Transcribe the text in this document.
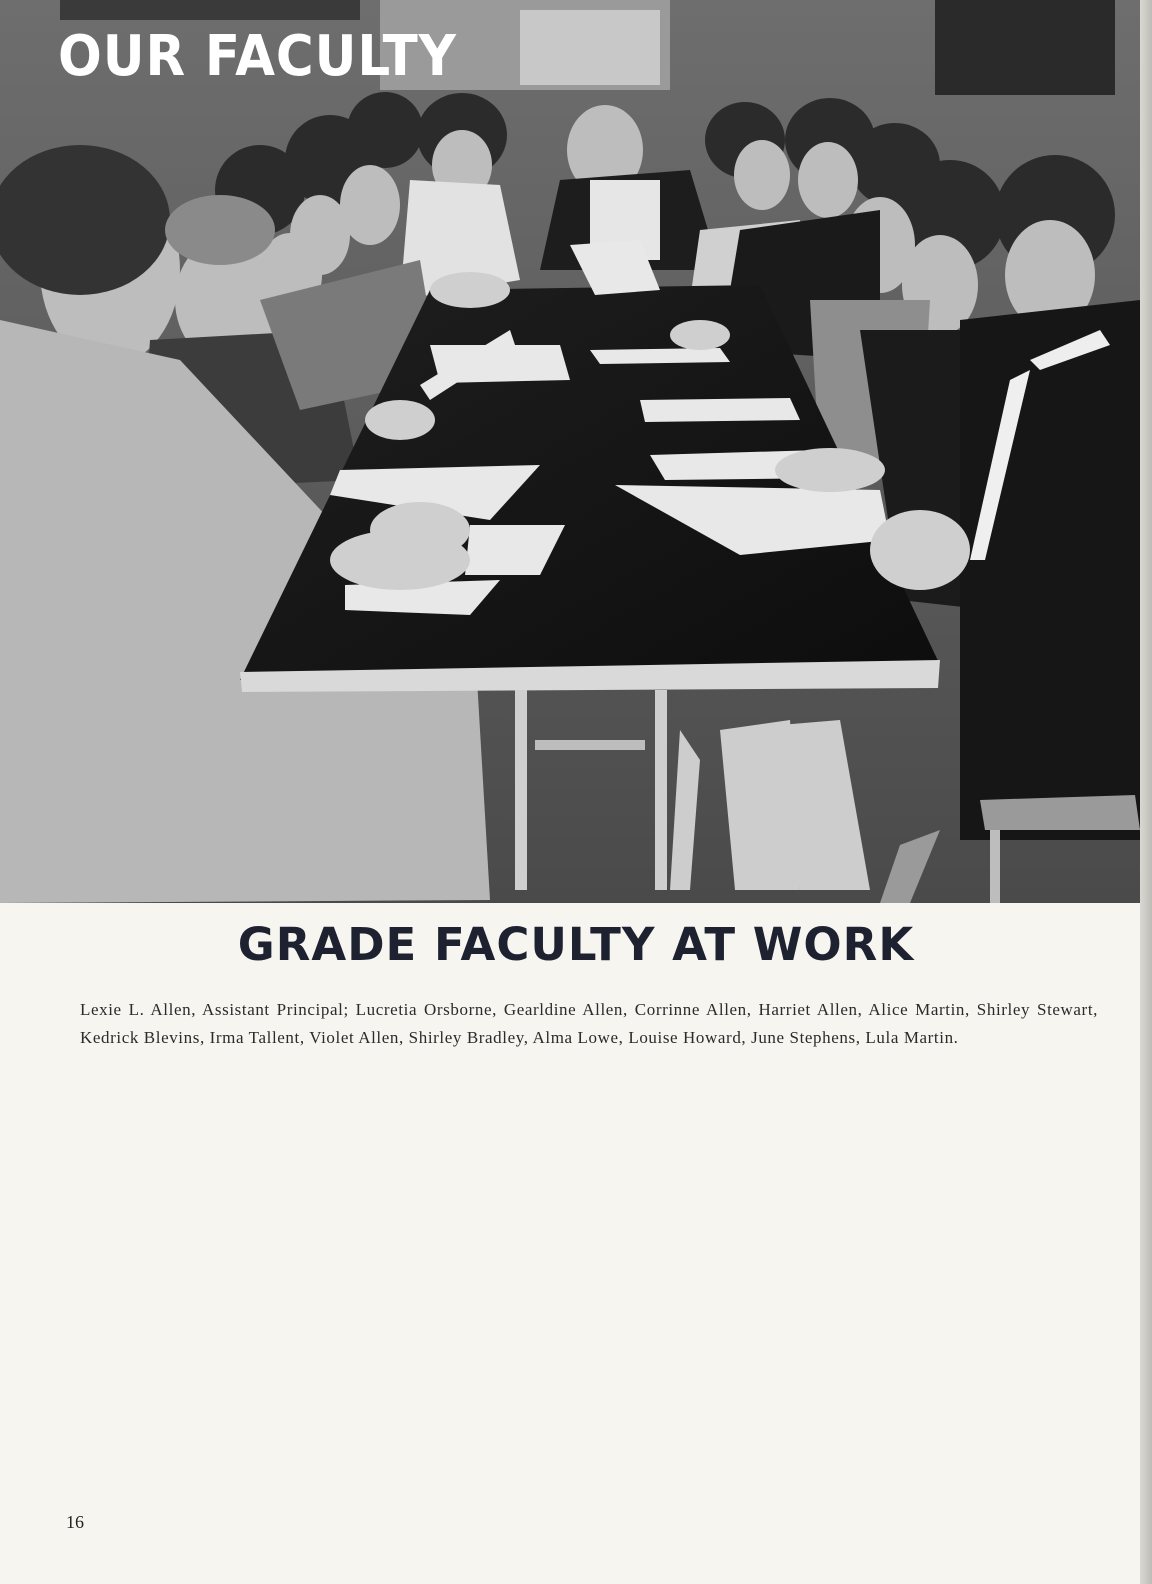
OUR FACULTY
GRADE FACULTY AT WORK

Lexie L. Allen, Assistant Principal; Lucretia Orsborne, Gearldine Allen, Corrinne Allen, Harriet Allen, Alice Martin, Shirley Stewart, Kedrick Blevins, Irma Tallent, Violet Allen, Shirley Bradley, Alma Lowe, Louise Howard, June Stephens, Lula Martin.

16
